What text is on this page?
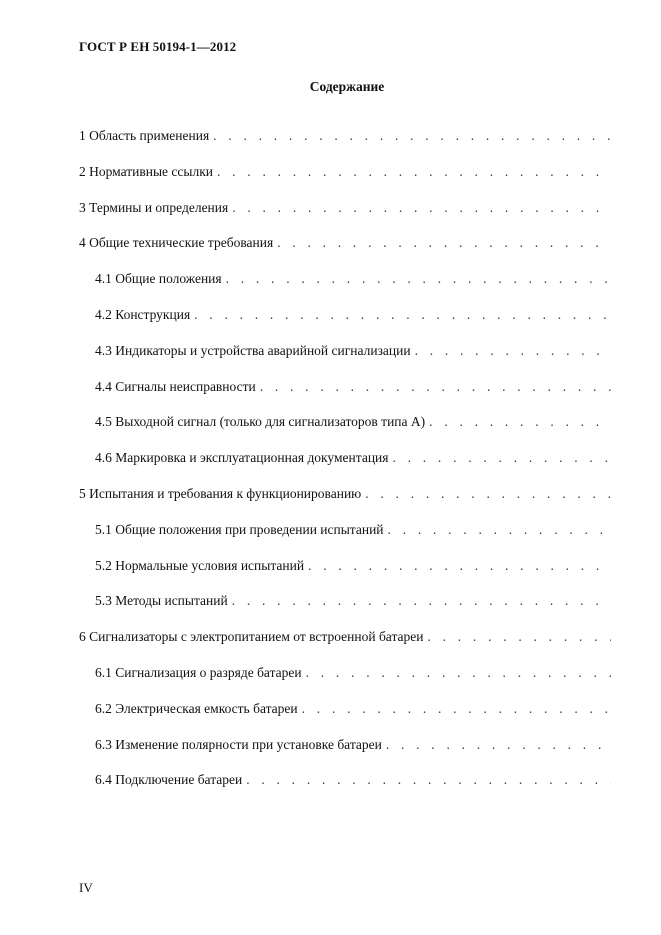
ГОСТ Р ЕН 50194-1—2012
Содержание
1 Область применения
. . .
2 Нормативные ссылки
. . .
3 Термины и определения
. . .
4 Общие технические требования
. . .
4.1 Общие положения
. . .
4.2 Конструкция
. . .
4.3 Индикаторы и устройства аварийной сигнализации
. . .
4.4 Сигналы неисправности
. . .
4.5 Выходной сигнал (только для сигнализаторов типа А)
. . .
4.6 Маркировка и эксплуатационная документация
. . .
5 Испытания и требования к функционированию
. . .
5.1 Общие положения при проведении испытаний
. . .
5.2 Нормальные условия испытаний
. . .
5.3 Методы испытаний
. . .
6 Сигнализаторы с электропитанием от встроенной батареи
. . .
6.1 Сигнализация о разряде батареи
. . .
6.2 Электрическая емкость батареи
. . .
6.3 Изменение полярности при установке батареи
. . .
6.4 Подключение батареи
. . .
IV
